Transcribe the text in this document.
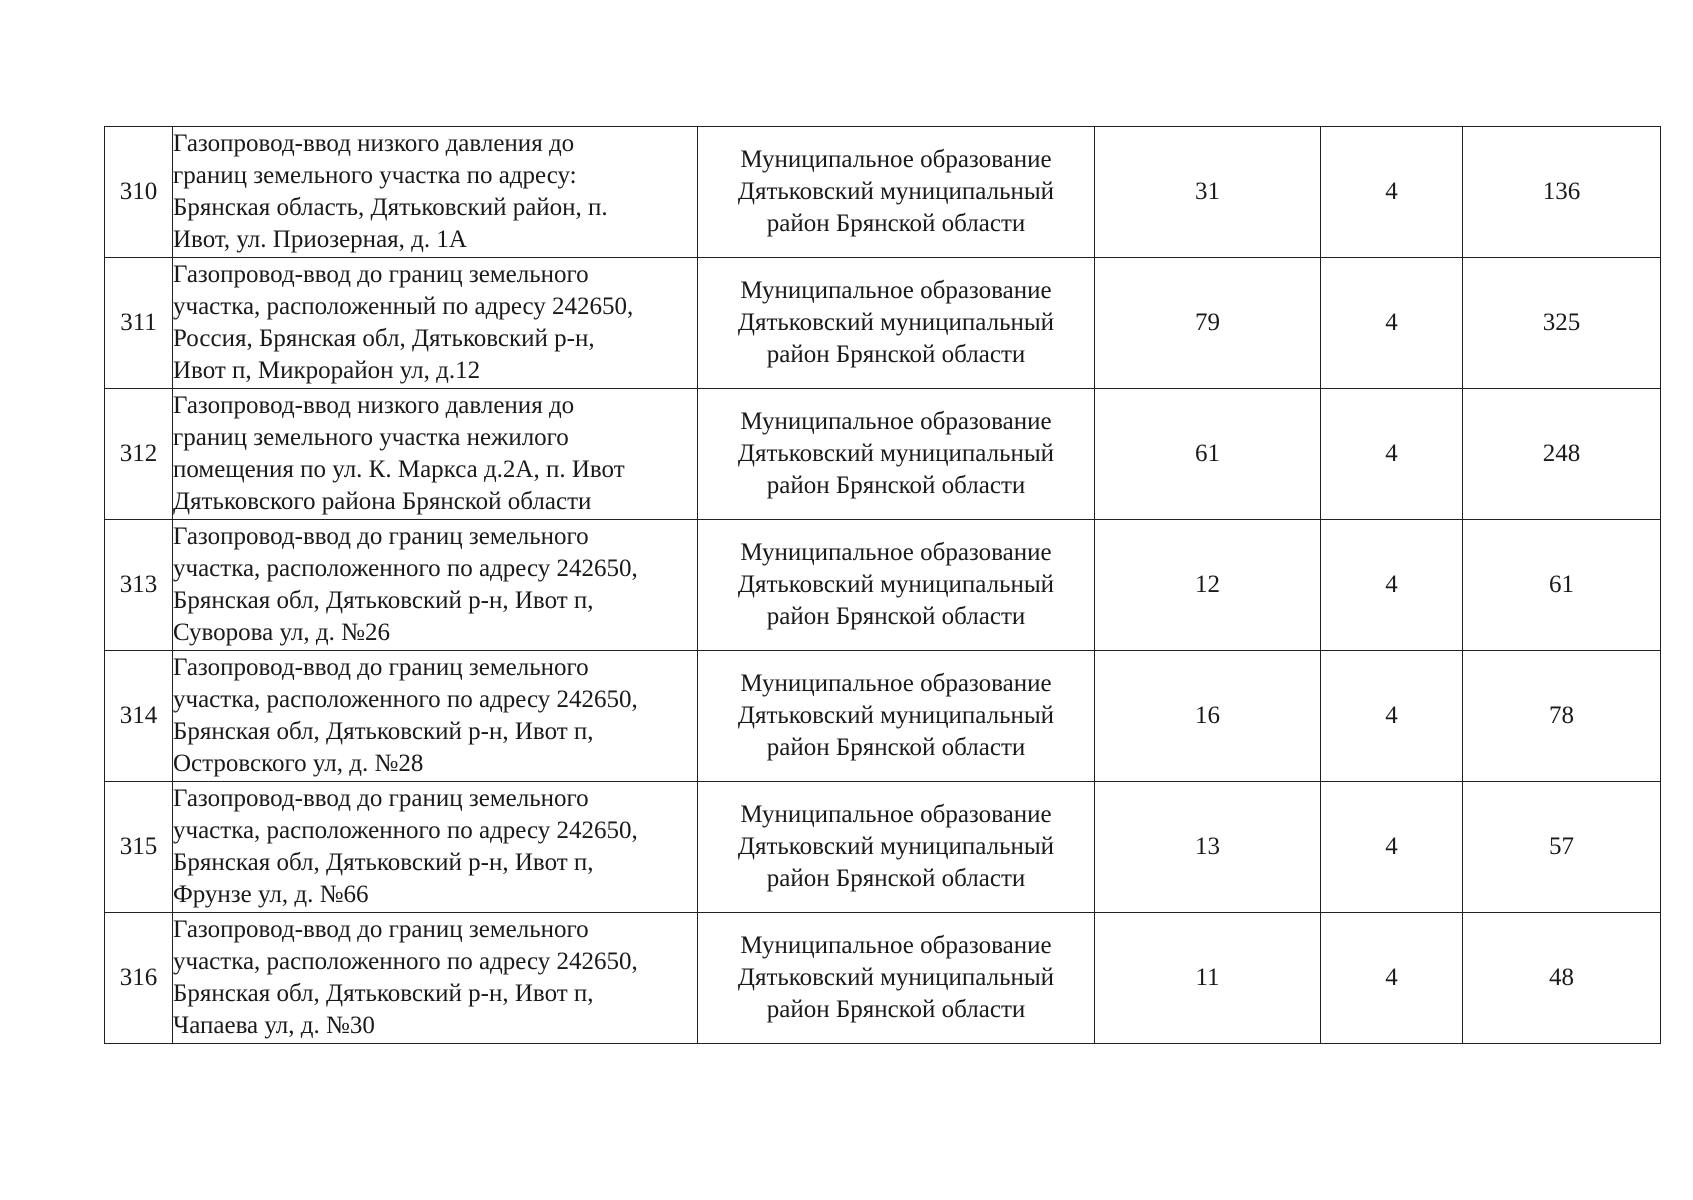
310	Газопровод-ввод низкого давления до
границ земельного участка по адресу:
Брянская область, Дятьковский район, п.
Ивот, ул. Приозерная, д. 1А	Муниципальное образование
Дятьковский муниципальный
район Брянской области	31	4	136

311	Газопровод-ввод до границ земельного
участка, расположенный по адресу 242650,
Россия, Брянская обл, Дятьковский р-н,
Ивот п, Микрорайон ул, д.12	Муниципальное образование
Дятьковский муниципальный
район Брянской области	79	4	325

312	Газопровод-ввод низкого давления до
границ земельного участка нежилого
помещения по ул. К. Маркса д.2А, п. Ивот
Дятьковского района Брянской области	Муниципальное образование
Дятьковский муниципальный
район Брянской области	61	4	248

313	Газопровод-ввод до границ земельного
участка, расположенного по адресу 242650,
Брянская обл, Дятьковский р-н, Ивот п,
Суворова ул, д. №26	Муниципальное образование
Дятьковский муниципальный
район Брянской области	12	4	61

314	Газопровод-ввод до границ земельного
участка, расположенного по адресу 242650,
Брянская обл, Дятьковский р-н, Ивот п,
Островского ул, д. №28	Муниципальное образование
Дятьковский муниципальный
район Брянской области	16	4	78

315	Газопровод-ввод до границ земельного
участка, расположенного по адресу 242650,
Брянская обл, Дятьковский р-н, Ивот п,
Фрунзе ул, д. №66	Муниципальное образование
Дятьковский муниципальный
район Брянской области	13	4	57

316	Газопровод-ввод до границ земельного
участка, расположенного по адресу 242650,
Брянская обл, Дятьковский р-н, Ивот п,
Чапаева ул, д. №30	Муниципальное образование
Дятьковский муниципальный
район Брянской области	11	4	48
